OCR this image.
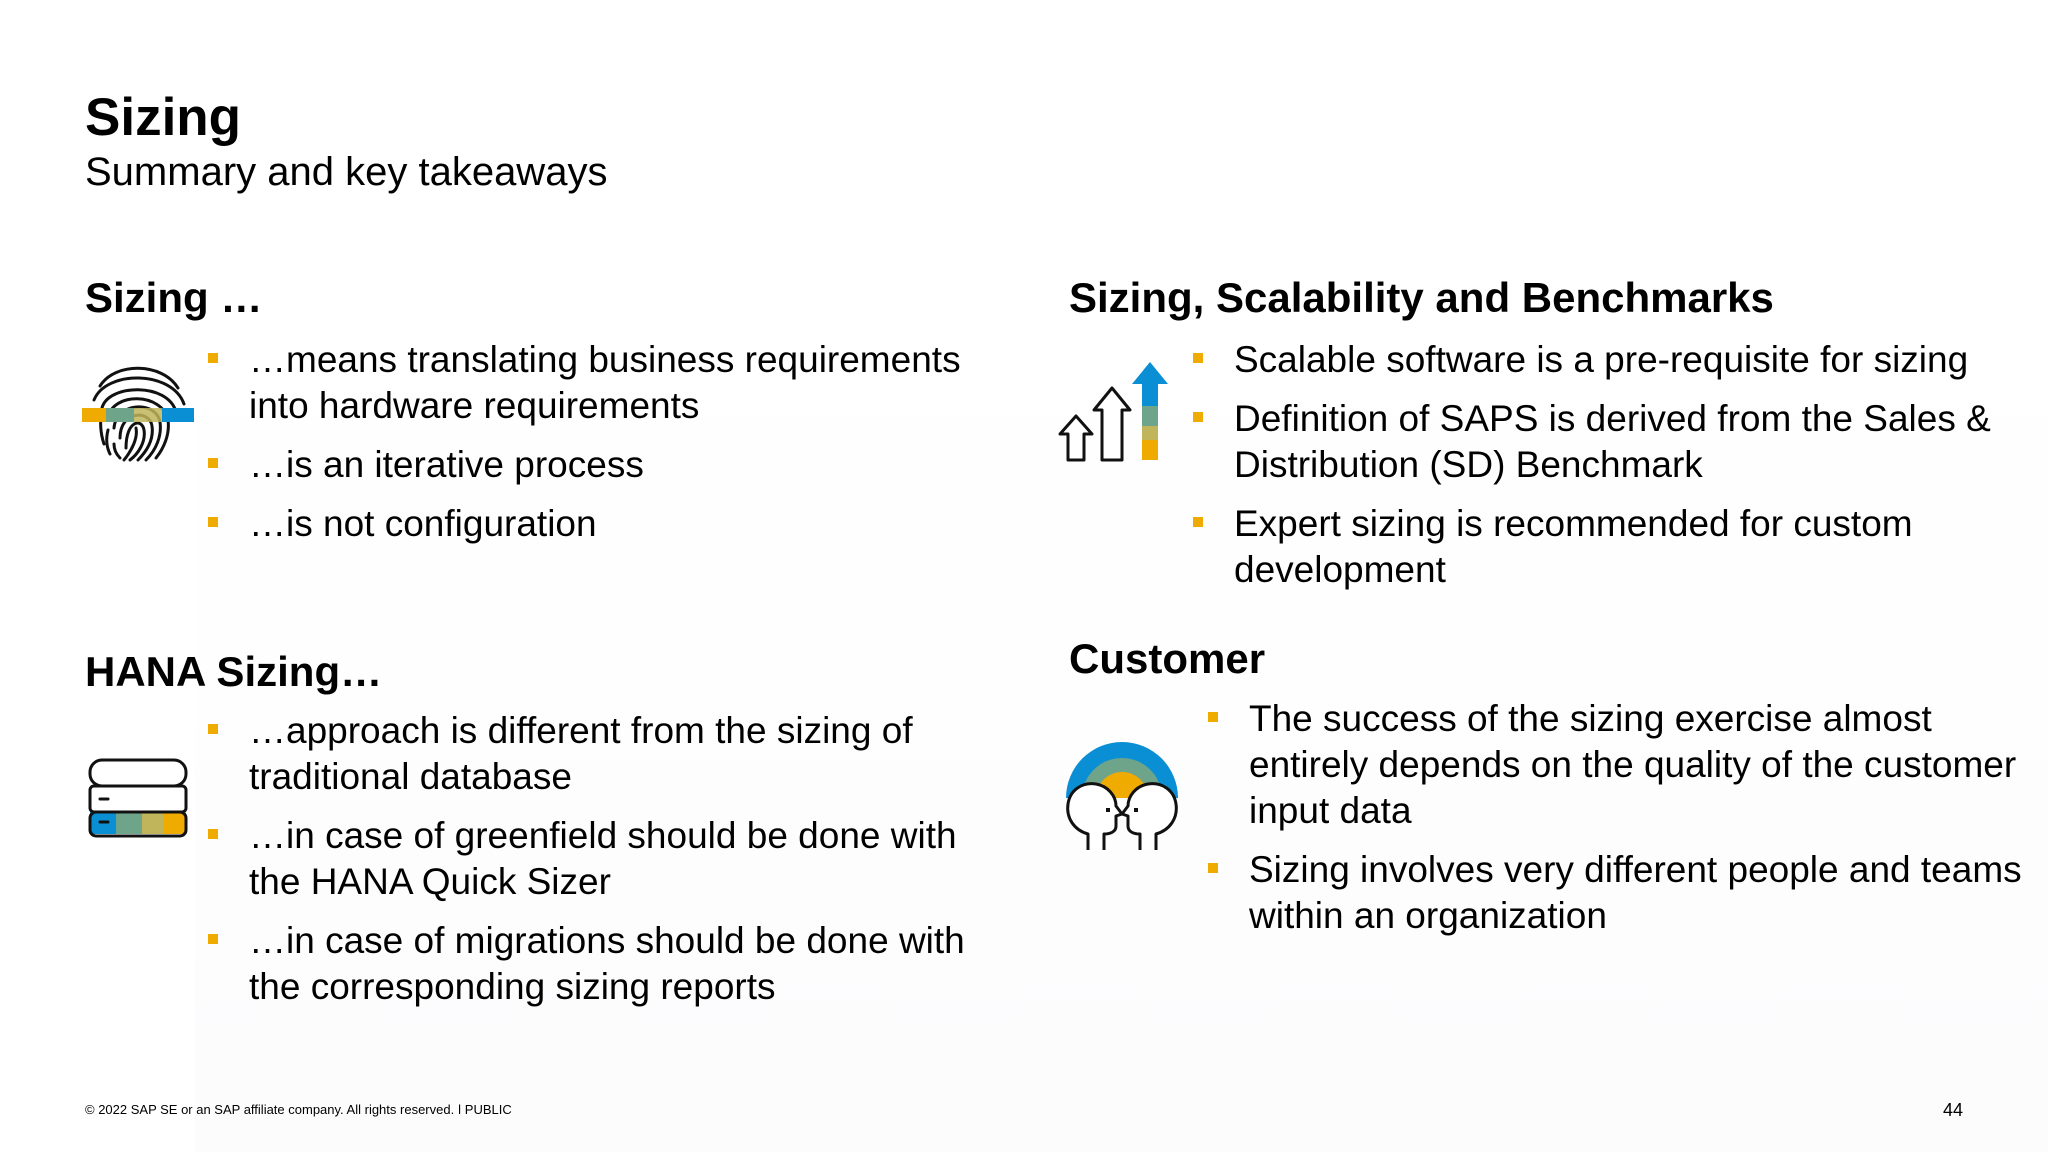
Sizing

Summary and key takeaways

Sizing …
…means translating business requirements into hardware requirements
…is an iterative process
…is not configuration
HANA Sizing…
…approach is different from the sizing of traditional database
…in case of greenfield should be done with the HANA Quick Sizer
…in case of migrations should be done with the corresponding sizing reports
Sizing, Scalability and Benchmarks
Scalable software is a pre-requisite for sizing
Definition of SAPS is derived from the Sales & Distribution (SD) Benchmark
Expert sizing is recommended for custom development
Customer
The success of the sizing exercise almost entirely depends on the quality of the customer input data
Sizing involves very different people and teams within an organization
© 2022 SAP SE or an SAP affiliate company. All rights reserved. ǀ PUBLIC	44
